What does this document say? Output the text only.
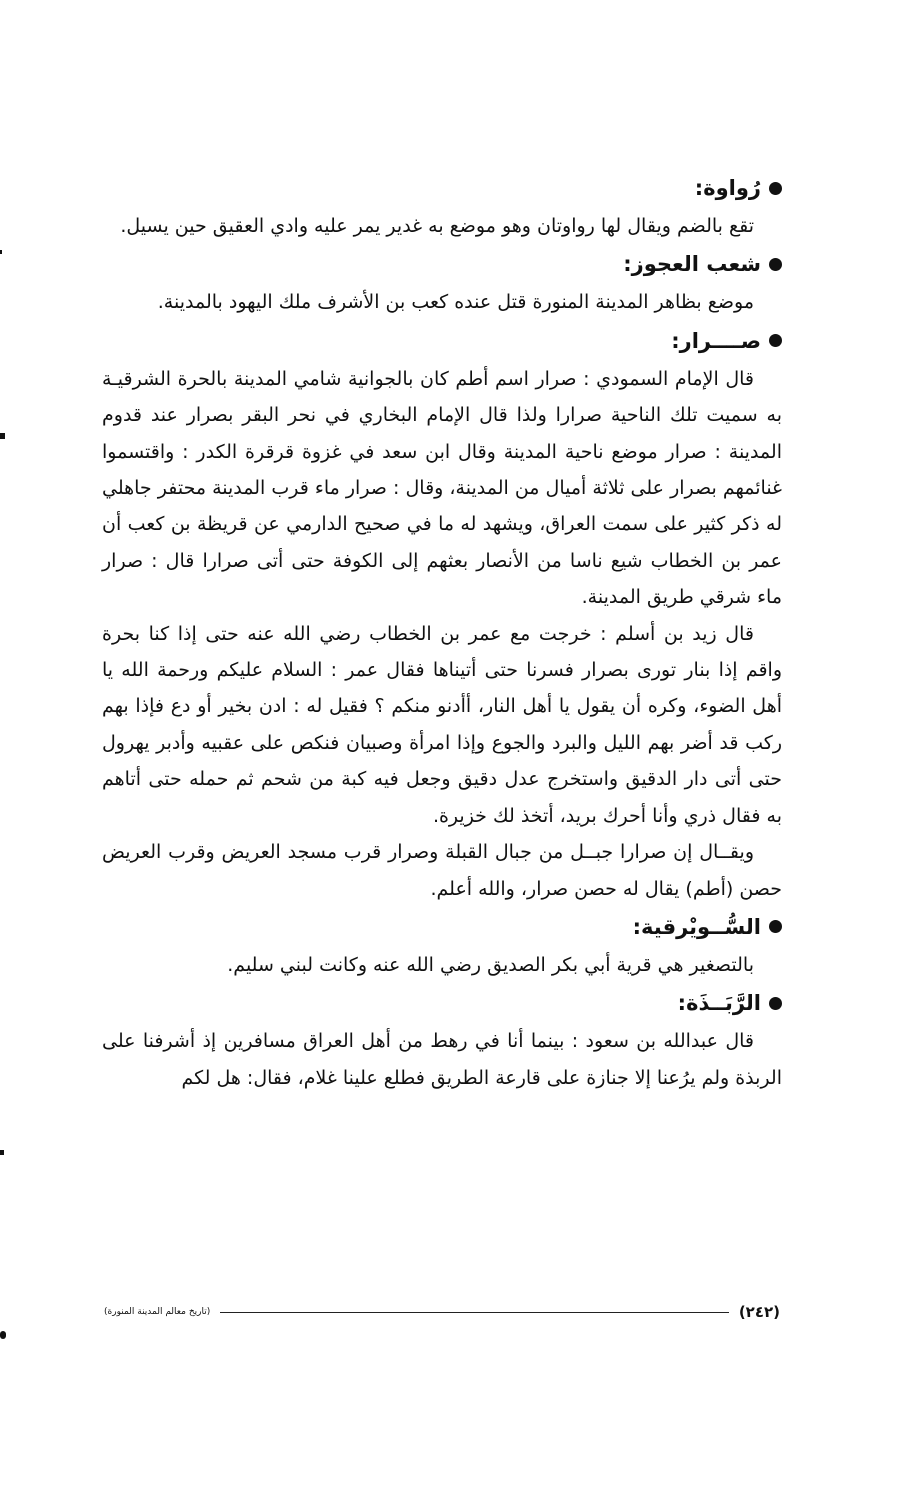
رُواوة:

تقع بالضم ويقال لها رواوتان وهو موضع به غدير يمر عليه وادي العقيق حين يسيل.

شعب العجوز:

موضع بظاهر المدينة المنورة قتل عنده كعب بن الأشرف ملك اليهود بالمدينة.

صــــرار:

قال الإمام السمودي : صرار اسم أطم كان بالجوانية شامي المدينة بالحرة الشرقيـة به سميت تلك الناحية صرارا ولذا قال الإمام البخاري في نحر البقر بصرار عند قدوم المدينة : صرار موضع ناحية المدينة وقال ابن سعد في غزوة قرقرة الكدر : واقتسموا غنائمهم بصرار على ثلاثة أميال من المدينة، وقال : صرار ماء قرب المدينة محتفر جاهلي له ذكر كثير على سمت العراق، ويشهد له ما في صحيح الدارمي عن قريظة بن كعب أن عمر بن الخطاب شيع ناسا من الأنصار بعثهم إلى الكوفة حتى أتى صرارا قال : صرار ماء شرقي طريق المدينة.

قال زيد بن أسلم : خرجت مع عمر بن الخطاب رضي الله عنه حتى إذا كنا بحرة واقم إذا بنار تورى بصرار فسرنا حتى أتيناها فقال عمر : السلام عليكم ورحمة الله يا أهل الضوء، وكره أن يقول يا أهل النار، أأدنو منكم ؟ فقيل له : ادن بخير أو دع فإذا بهم ركب قد أضر بهم الليل والبرد والجوع وإذا امرأة وصبيان فنكص على عقبيه وأدبر يهرول حتى أتى دار الدقيق واستخرج عدل دقيق وجعل فيه كبة من شحم ثم حمله حتى أتاهم به فقال ذري وأنا أحرك بريد، أتخذ لك خزيرة.

ويقــال إن صرارا جبــل من جبال القبلة وصرار قرب مسجد العريض وقرب العريض حصن (أطم) يقال له حصن صرار، والله أعلم.

السُّــويْرقية:

بالتصغير هي قرية أبي بكر الصديق رضي الله عنه وكانت لبني سليم.

الرَّبَــذَة:

قال عبدالله بن سعود : بينما أنا في رهط من أهل العراق مسافرين إذ أشرفنا على الربذة ولم يرُعنا إلا جنازة على قارعة الطريق فطلع علينا غلام، فقال: هل لكم

(٢٤٢)
(تاريخ معالم المدينة المنورة)
